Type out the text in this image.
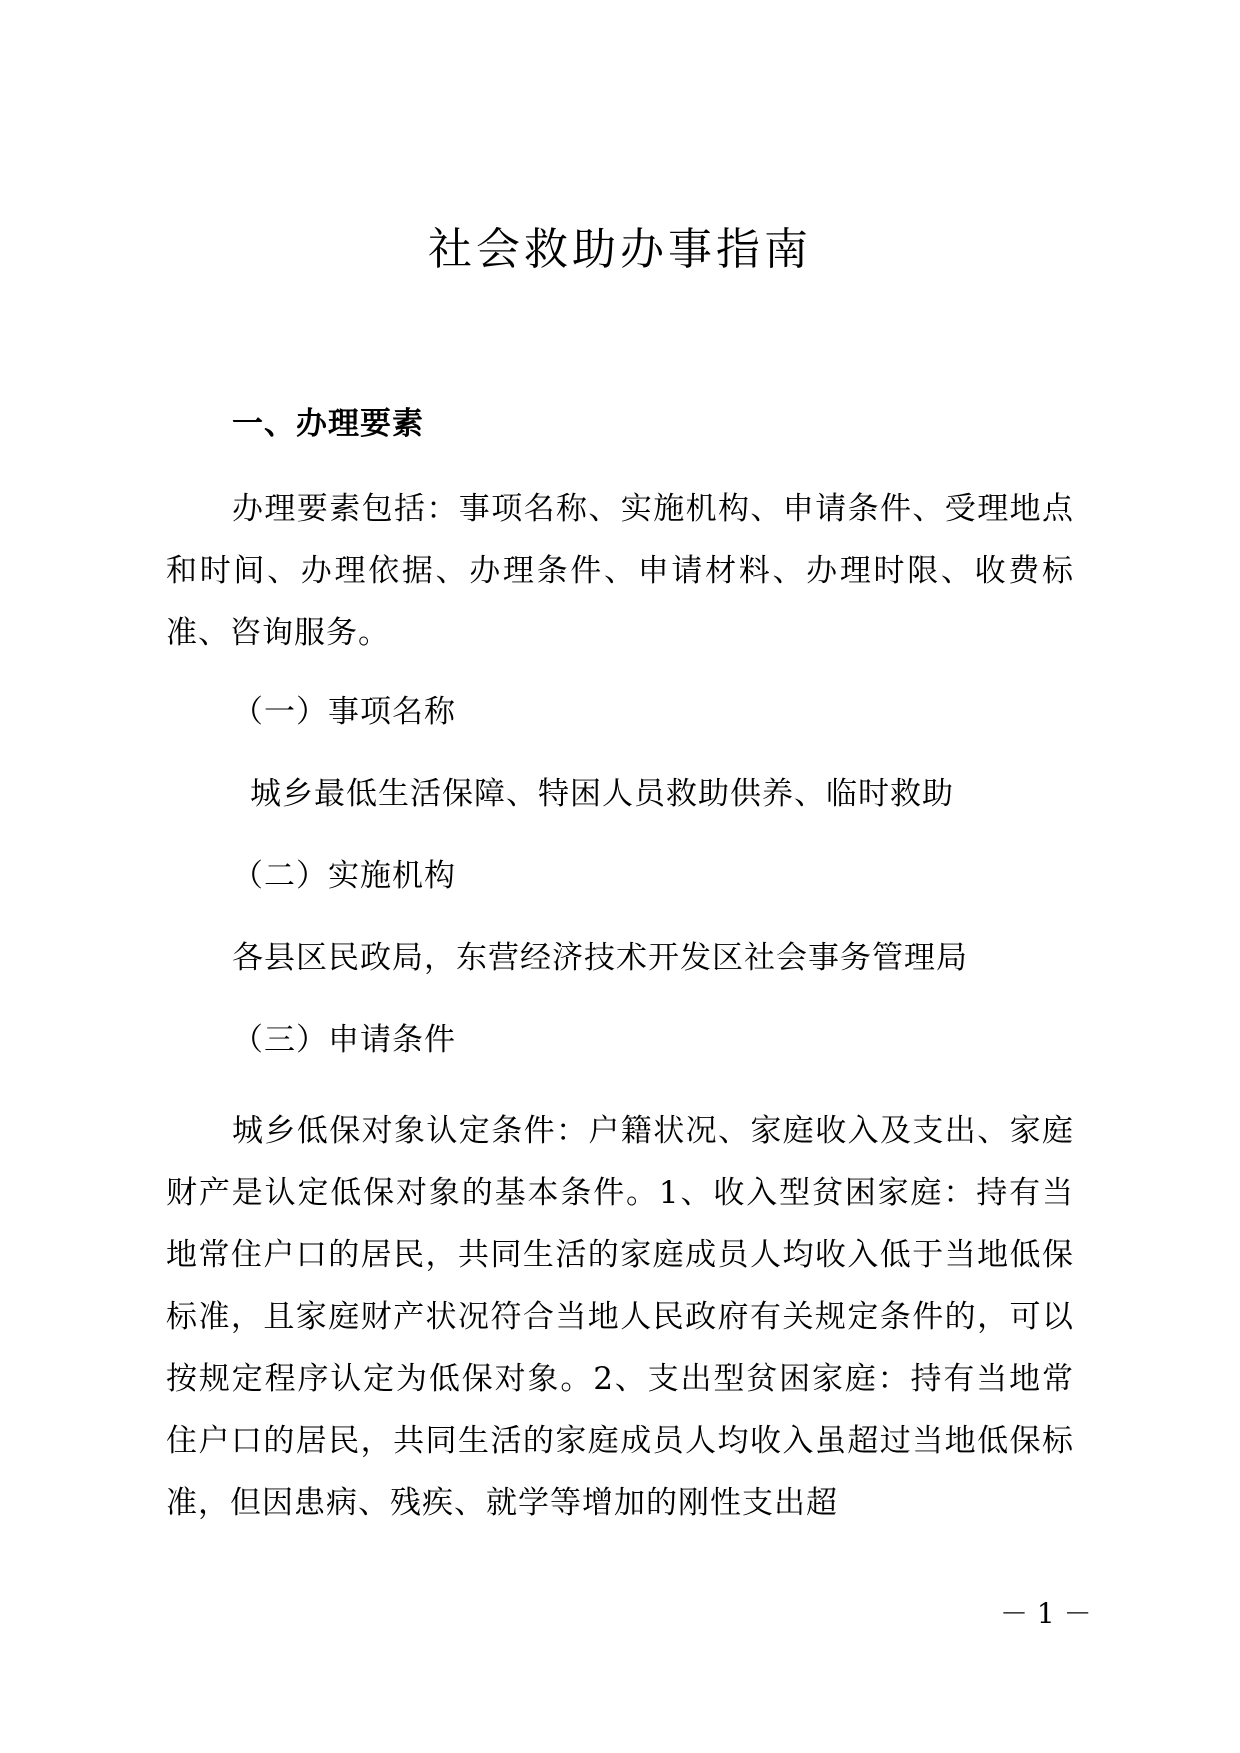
社会救助办事指南
一、办理要素

办理要素包括：事项名称、实施机构、申请条件、受理地点和时间、办理依据、办理条件、申请材料、办理时限、收费标准、咨询服务。

（一）事项名称

城乡最低生活保障、特困人员救助供养、临时救助

（二）实施机构

各县区民政局，东营经济技术开发区社会事务管理局

（三）申请条件

城乡低保对象认定条件：户籍状况、家庭收入及支出、家庭财产是认定低保对象的基本条件。1、收入型贫困家庭：持有当地常住户口的居民，共同生活的家庭成员人均收入低于当地低保标准，且家庭财产状况符合当地人民政府有关规定条件的，可以按规定程序认定为低保对象。2、支出型贫困家庭：持有当地常住户口的居民，共同生活的家庭成员人均收入虽超过当地低保标准，但因患病、残疾、就学等增加的刚性支出超

－ 1 －
